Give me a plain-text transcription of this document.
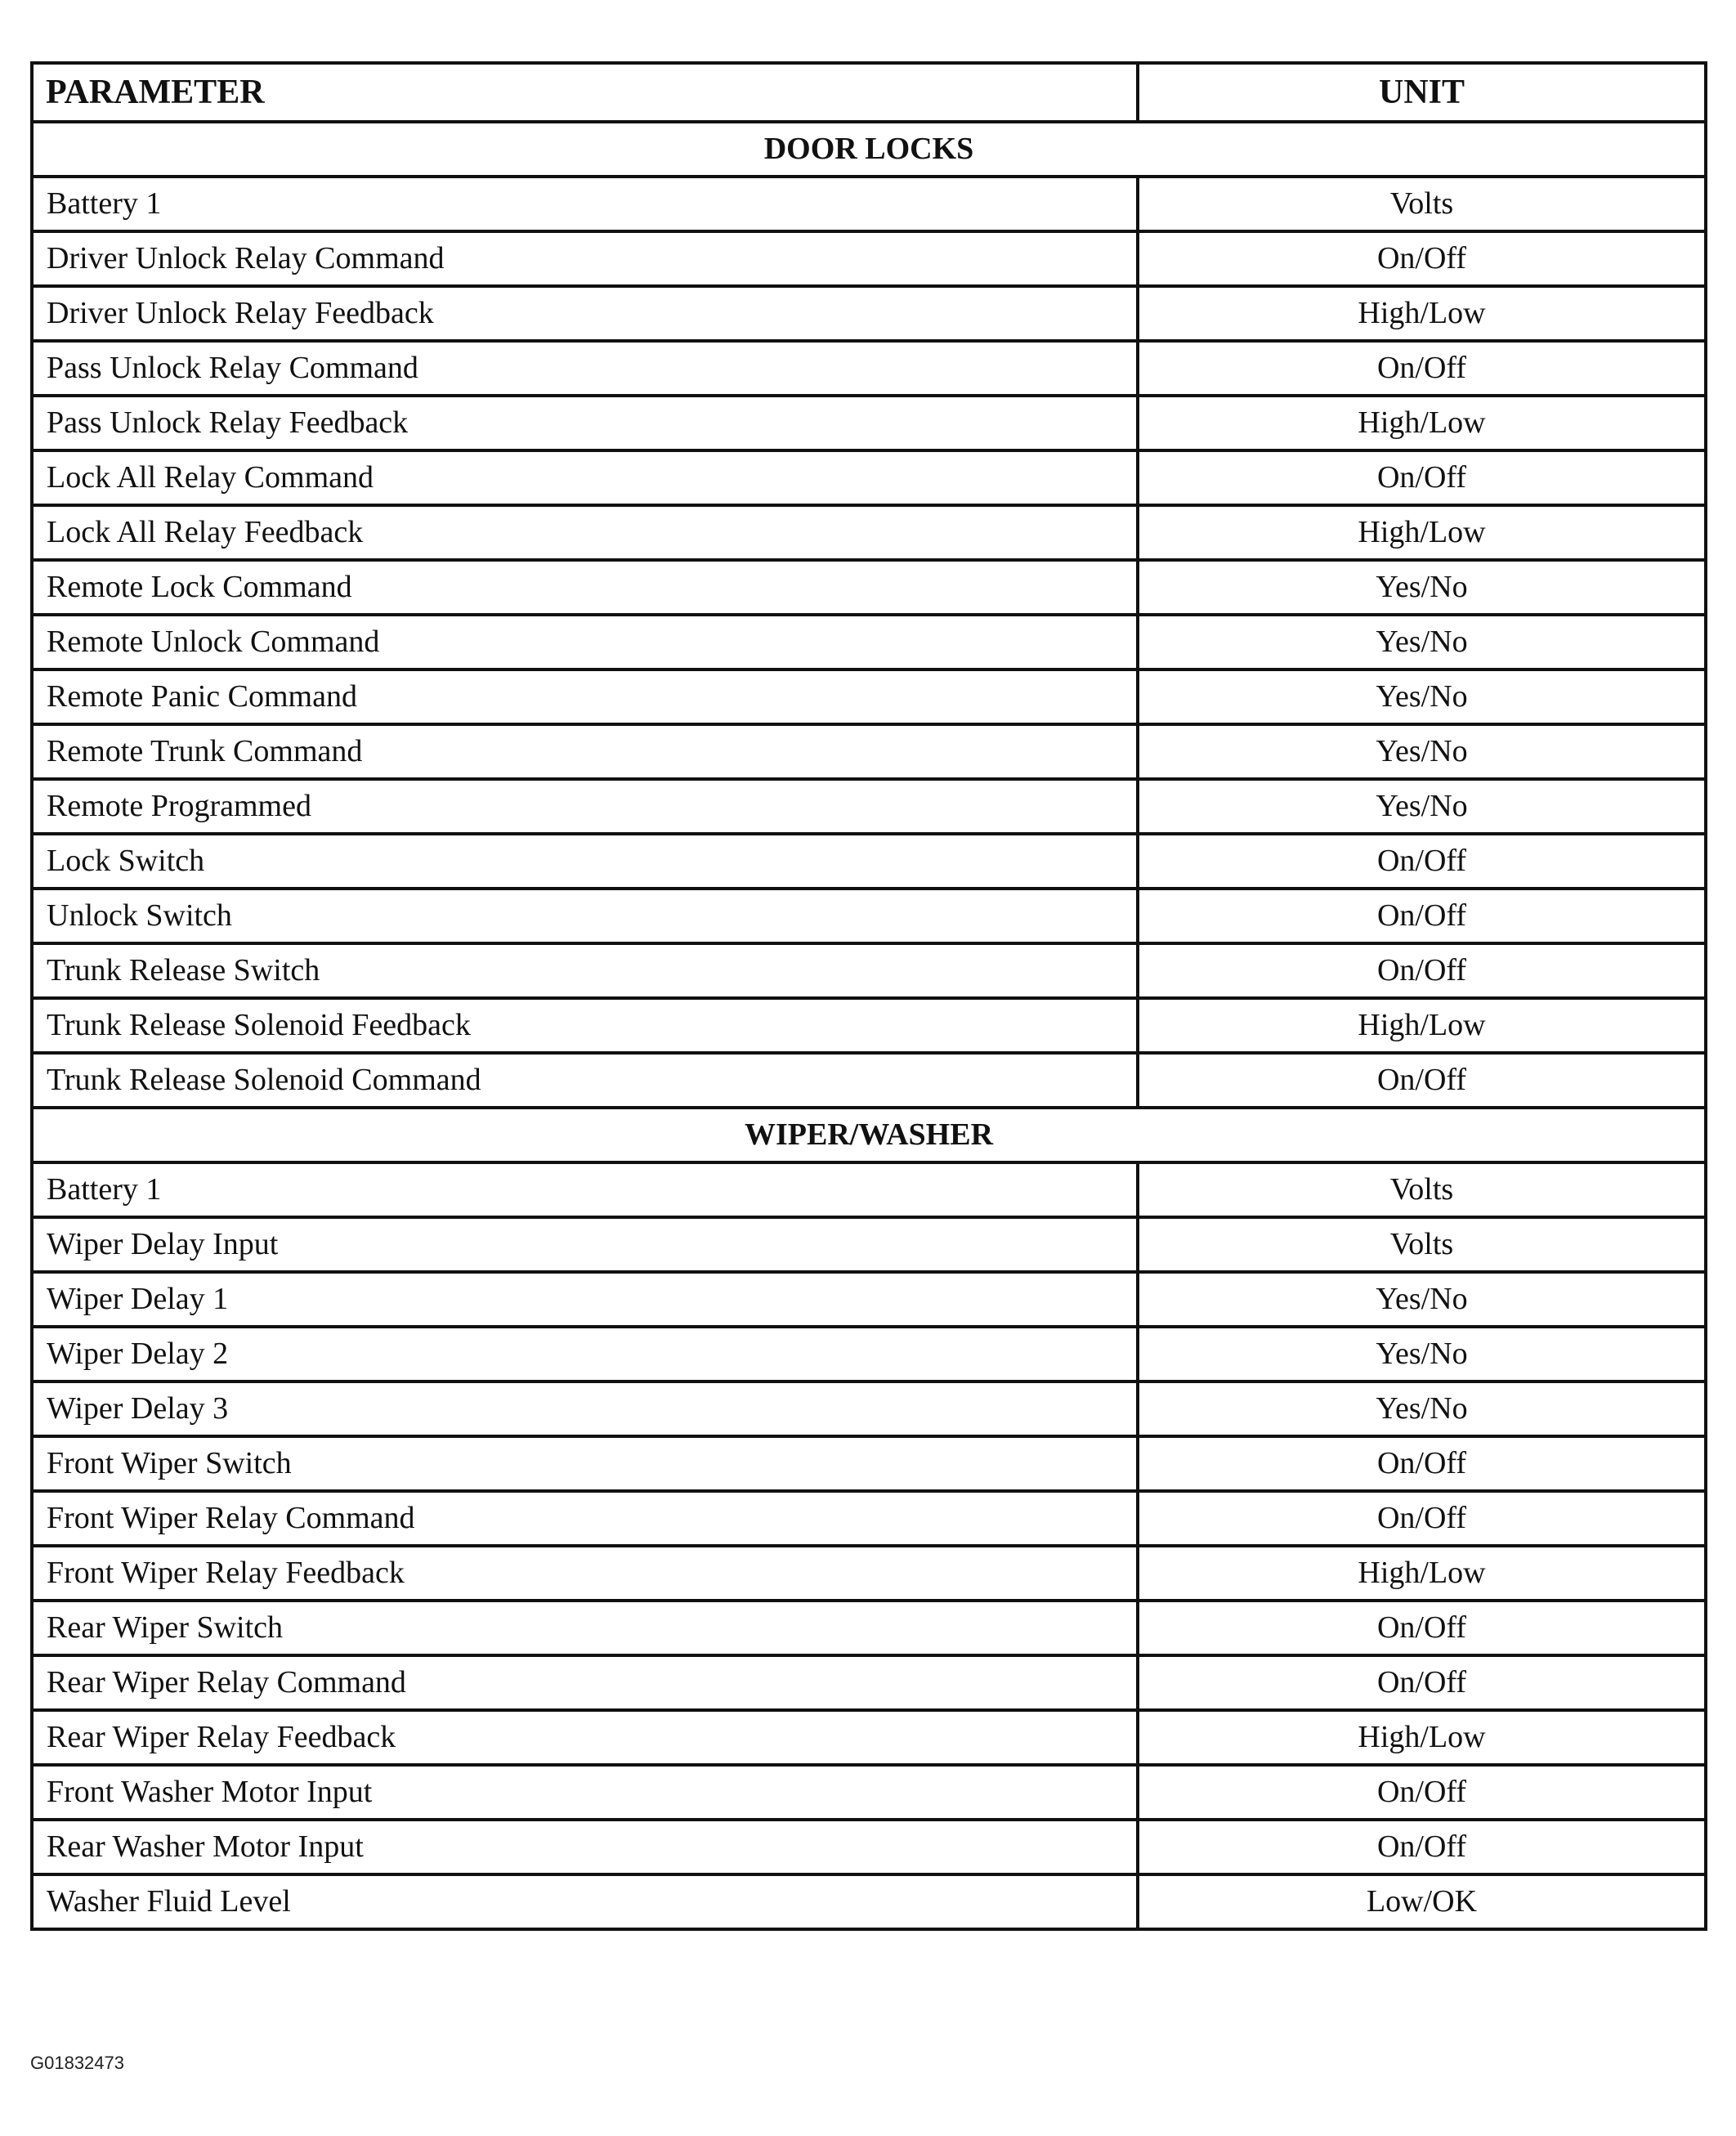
PARAMETER	UNIT
DOOR LOCKS	
Battery 1	Volts
Driver Unlock Relay Command	On/Off
Driver Unlock Relay Feedback	High/Low
Pass Unlock Relay Command	On/Off
Pass Unlock Relay Feedback	High/Low
Lock All Relay Command	On/Off
Lock All Relay Feedback	High/Low
Remote Lock Command	Yes/No
Remote Unlock Command	Yes/No
Remote Panic Command	Yes/No
Remote Trunk Command	Yes/No
Remote Programmed	Yes/No
Lock Switch	On/Off
Unlock Switch	On/Off
Trunk Release Switch	On/Off
Trunk Release Solenoid Feedback	High/Low
Trunk Release Solenoid Command	On/Off
WIPER/WASHER	
Battery 1	Volts
Wiper Delay Input	Volts
Wiper Delay 1	Yes/No
Wiper Delay 2	Yes/No
Wiper Delay 3	Yes/No
Front Wiper Switch	On/Off
Front Wiper Relay Command	On/Off
Front Wiper Relay Feedback	High/Low
Rear Wiper Switch	On/Off
Rear Wiper Relay Command	On/Off
Rear Wiper Relay Feedback	High/Low
Front Washer Motor Input	On/Off
Rear Washer Motor Input	On/Off
Washer Fluid Level	Low/OK
G01832473
